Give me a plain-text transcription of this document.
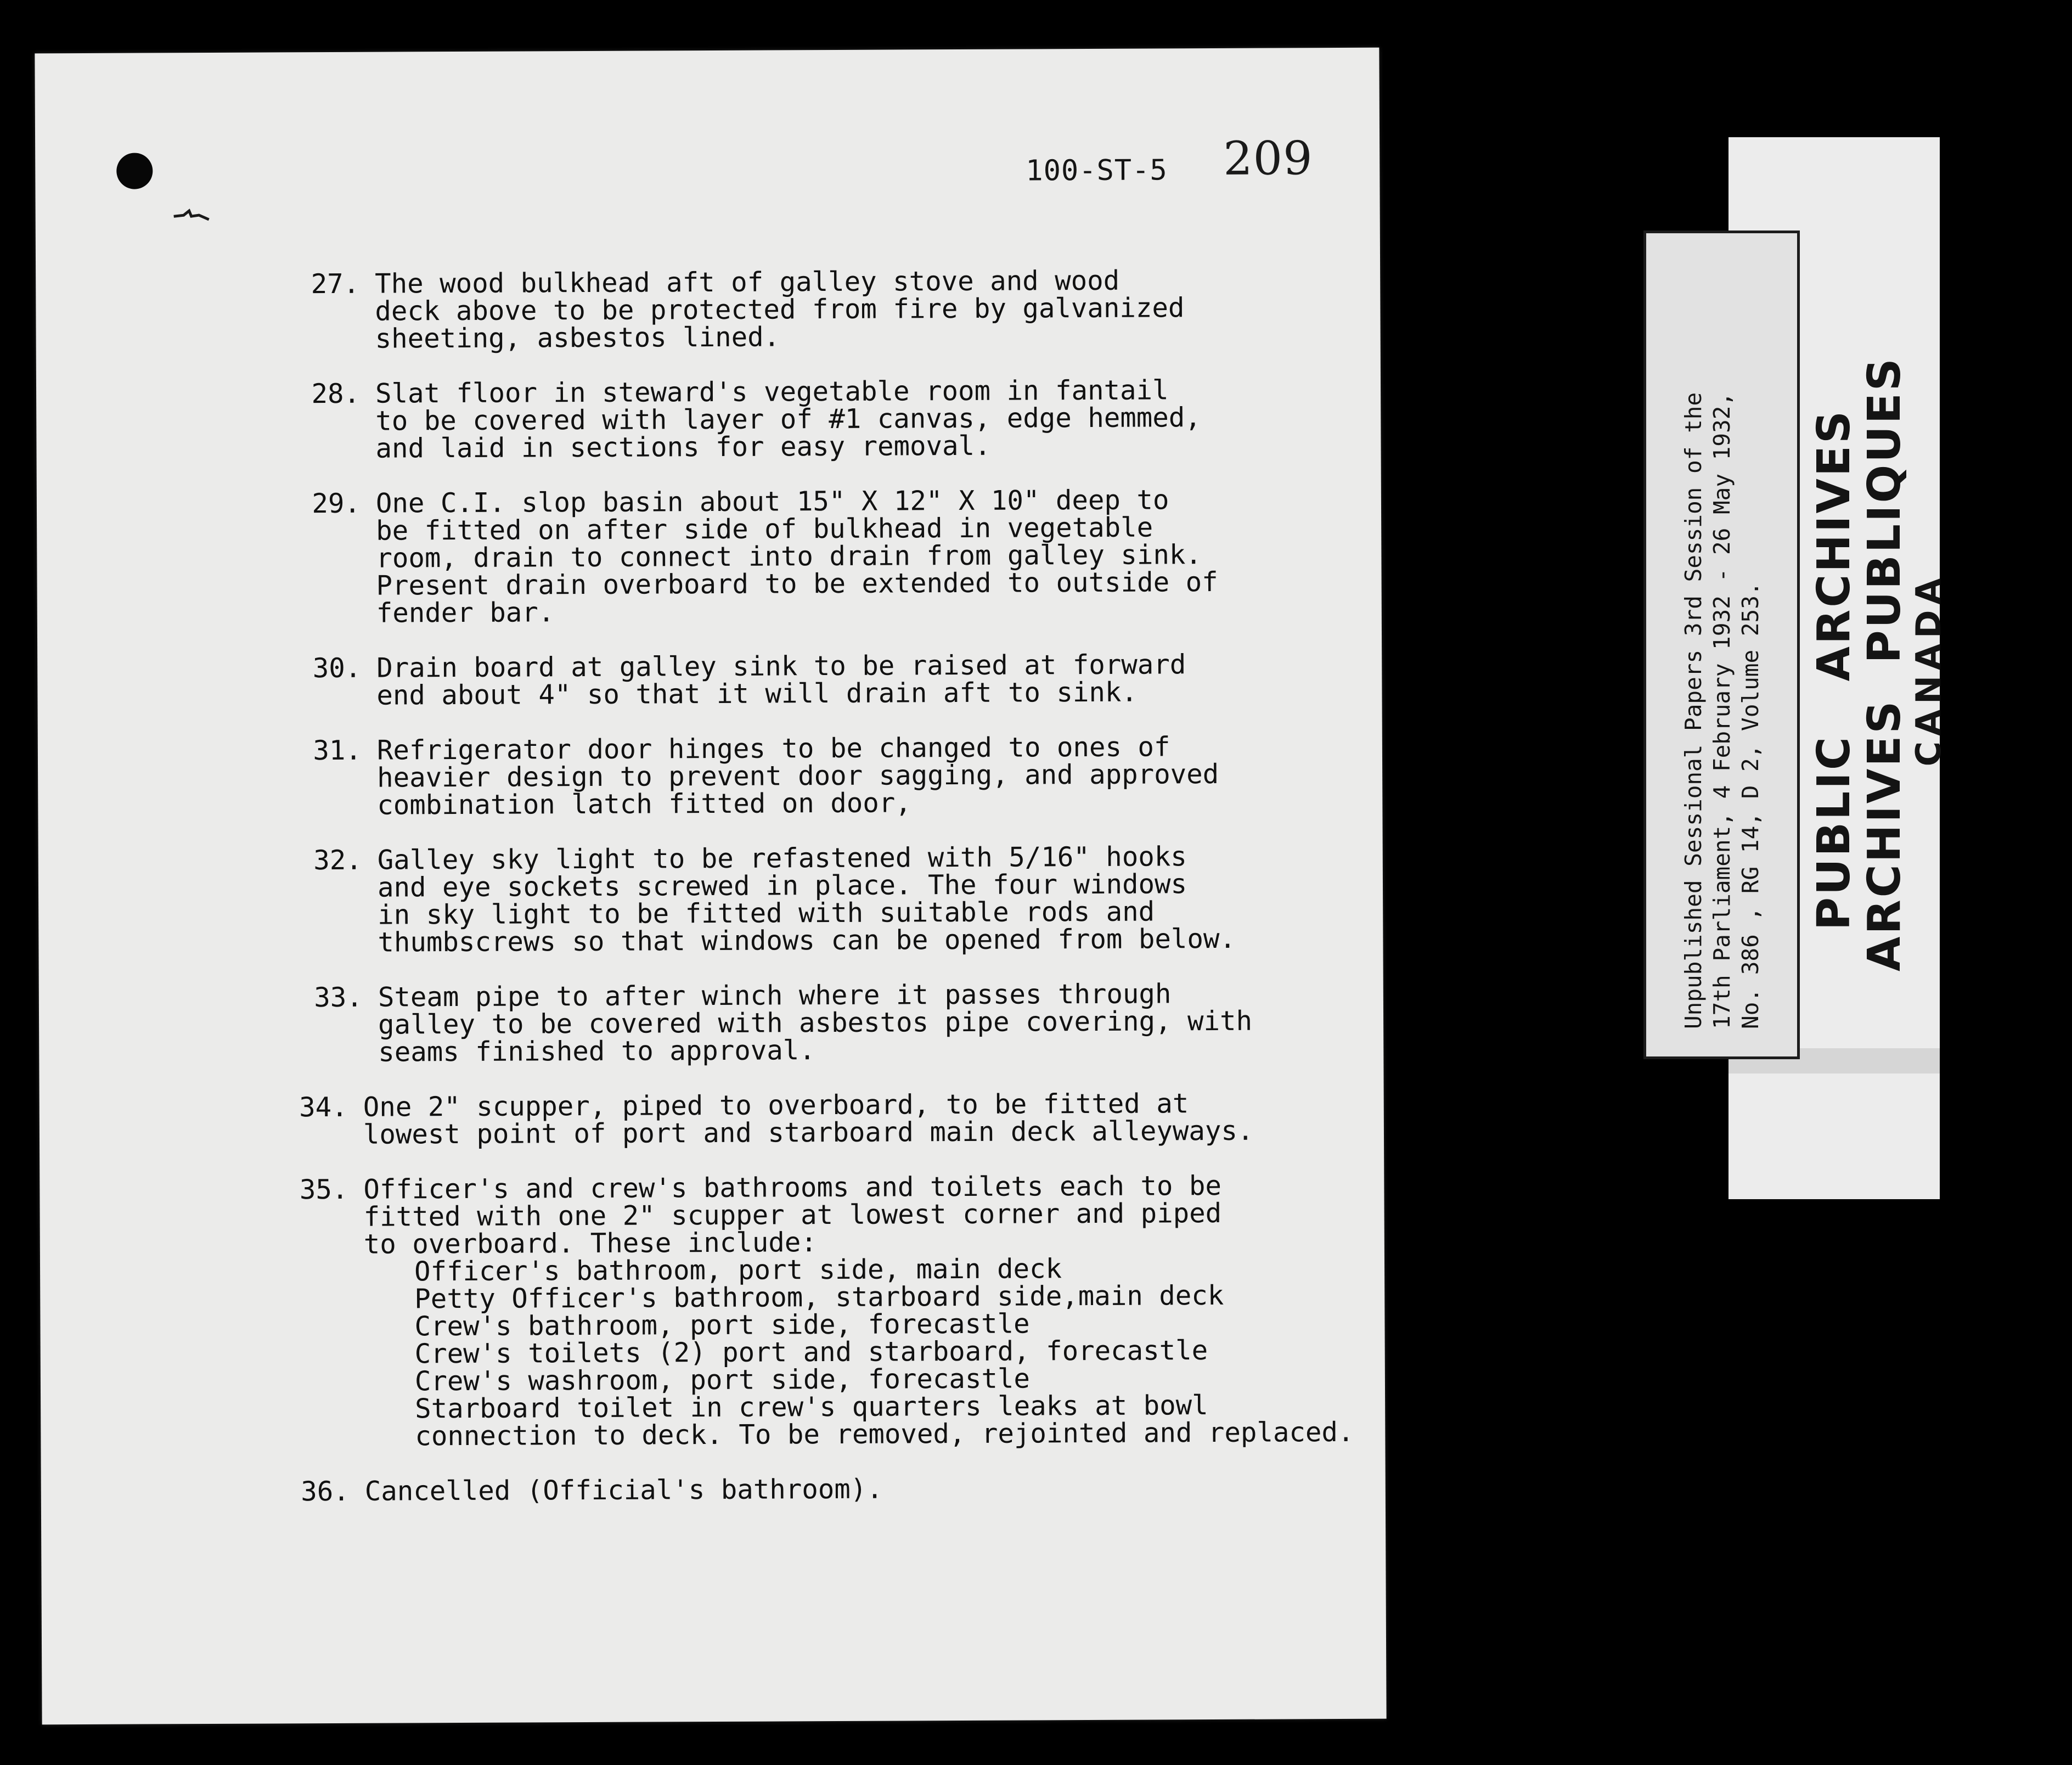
100-ST-5 209
27. The wood bulkhead aft of galley stove and wood
deck above to be protected from fire by galvanized
sheeting, asbestos lined.
28. Slat floor in steward's vegetable room in fantail
to be covered with layer of #1 canvas, edge hemmed,
and laid in sections for easy removal.
29. One C.I. slop basin about 15" X 12" X 10" deep to
be fitted on after side of bulkhead in vegetable
room, drain to connect into drain from galley sink.
Present drain overboard to be extended to outside of
fender bar.
30. Drain board at galley sink to be raised at forward
end about 4" so that it will drain aft to sink.
31. Refrigerator door hinges to be changed to ones of
heavier design to prevent door sagging, and approved
combination latch fitted on door,
32. Galley sky light to be refastened with 5/16" hooks
and eye sockets screwed in place. The four windows
in sky light to be fitted with suitable rods and
thumbscrews so that windows can be opened from below.
33. Steam pipe to after winch where it passes through
galley to be covered with asbestos pipe covering, with
seams finished to approval.
34. One 2" scupper, piped to overboard, to be fitted at
lowest point of port and starboard main deck alleyways.
35. Officer's and crew's bathrooms and toilets each to be
fitted with one 2" scupper at lowest corner and piped
to overboard. These include:
Officer's bathroom, port side, main deck
Petty Officer's bathroom, starboard side,main deck
Crew's bathroom, port side, forecastle
Crew's toilets (2) port and starboard, forecastle
Crew's washroom, port side, forecastle
Starboard toilet in crew's quarters leaks at bowl
connection to deck. To be removed, rejointed and replaced.
36. Cancelled (Official's bathroom).
Unpublished Sessional Papers 3rd Session of the 17th Parliament, 4 February 1932 - 26 May 1932, No. 386 , RG 14, D 2, Volume 253. PUBLIC   ARCHIVES
ARCHIVES  PUBLIQUES
CANADA
